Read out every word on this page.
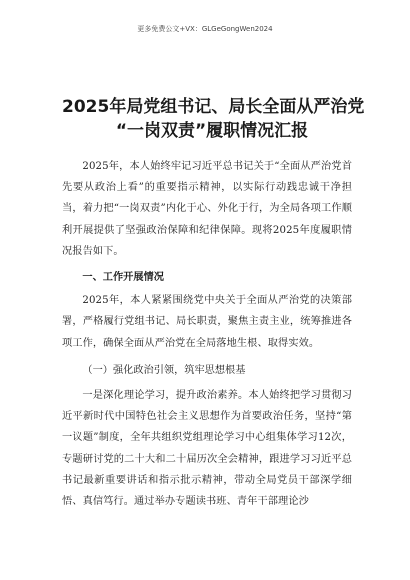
更多免费公文+VX：GLGeGongWen2024
2025年局党组书记、局长全面从严治党
“一岗双责”履职情况汇报

2025年，本人始终牢记习近平总书记关于“全面从严治党首先要从政治上看”的重要指示精神，以实际行动践忠诚干净担当，着力把“一岗双责”内化于心、外化于行，为全局各项工作顺利开展提供了坚强政治保障和纪律保障。现将2025年度履职情况报告如下。

一、工作开展情况

2025年，本人紧紧围绕党中央关于全面从严治党的决策部署，严格履行党组书记、局长职责，聚焦主责主业，统筹推进各项工作，确保全面从严治党在全局落地生根、取得实效。

（一）强化政治引领，筑牢思想根基

一是深化理论学习，提升政治素养。本人始终把学习贯彻习近平新时代中国特色社会主义思想作为首要政治任务，坚持“第一议题”制度，全年共组织党组理论学习中心组集体学习12次，专题研讨党的二十大和二十届历次全会精神，跟进学习习近平总书记最新重要讲话和指示批示精神，带动全局党员干部深学细悟、真信笃行。通过举办专题读书班、青年干部理论沙
